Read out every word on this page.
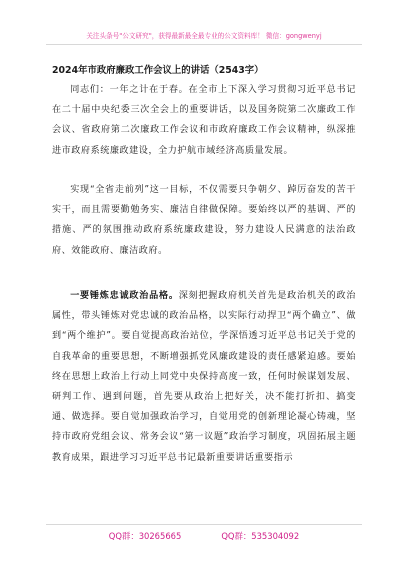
关注头条号"公文研究"，获得最新最全最专业的公文资料库！ 微信：gongwenyj
2024年市政府廉政工作会议上的讲话（2543字）

同志们：一年之计在于春。在全市上下深入学习贯彻习近平总书记在二十届中央纪委三次全会上的重要讲话，以及国务院第二次廉政工作会议、省政府第二次廉政工作会议和市政府廉政工作会议精神，纵深推进市政府系统廉政建设，全力护航市域经济高质量发展。

实现“全省走前列”这一目标，不仅需要只争朝夕、踔厉奋发的苦干实干，而且需要勤勉务实、廉洁自律做保障。要始终以严的基调、严的措施、严的氛围推动政府系统廉政建设，努力建设人民满意的法治政府、效能政府、廉洁政府。

一要锤炼忠诚政治品格。深刻把握政府机关首先是政治机关的政治属性，带头锤炼对党忠诚的政治品格，以实际行动捍卫“两个确立”、做到“两个维护”。要自觉提高政治站位，学深悟透习近平总书记关于党的自我革命的重要思想，不断增强抓党风廉政建设的责任感紧迫感。要始终在思想上政治上行动上同党中央保持高度一致，任何时候谋划发展、研判工作、遇到问题，首先要从政治上把好关，决不能打折扣、搞变通、做选择。要自觉加强政治学习，自觉用党的创新理论凝心铸魂，坚持市政府党组会议、常务会议“第一议题”政治学习制度，巩固拓展主题教育成果，跟进学习习近平总书记最新重要讲话重要指示

QQ群：30265665	QQ群：535304092
